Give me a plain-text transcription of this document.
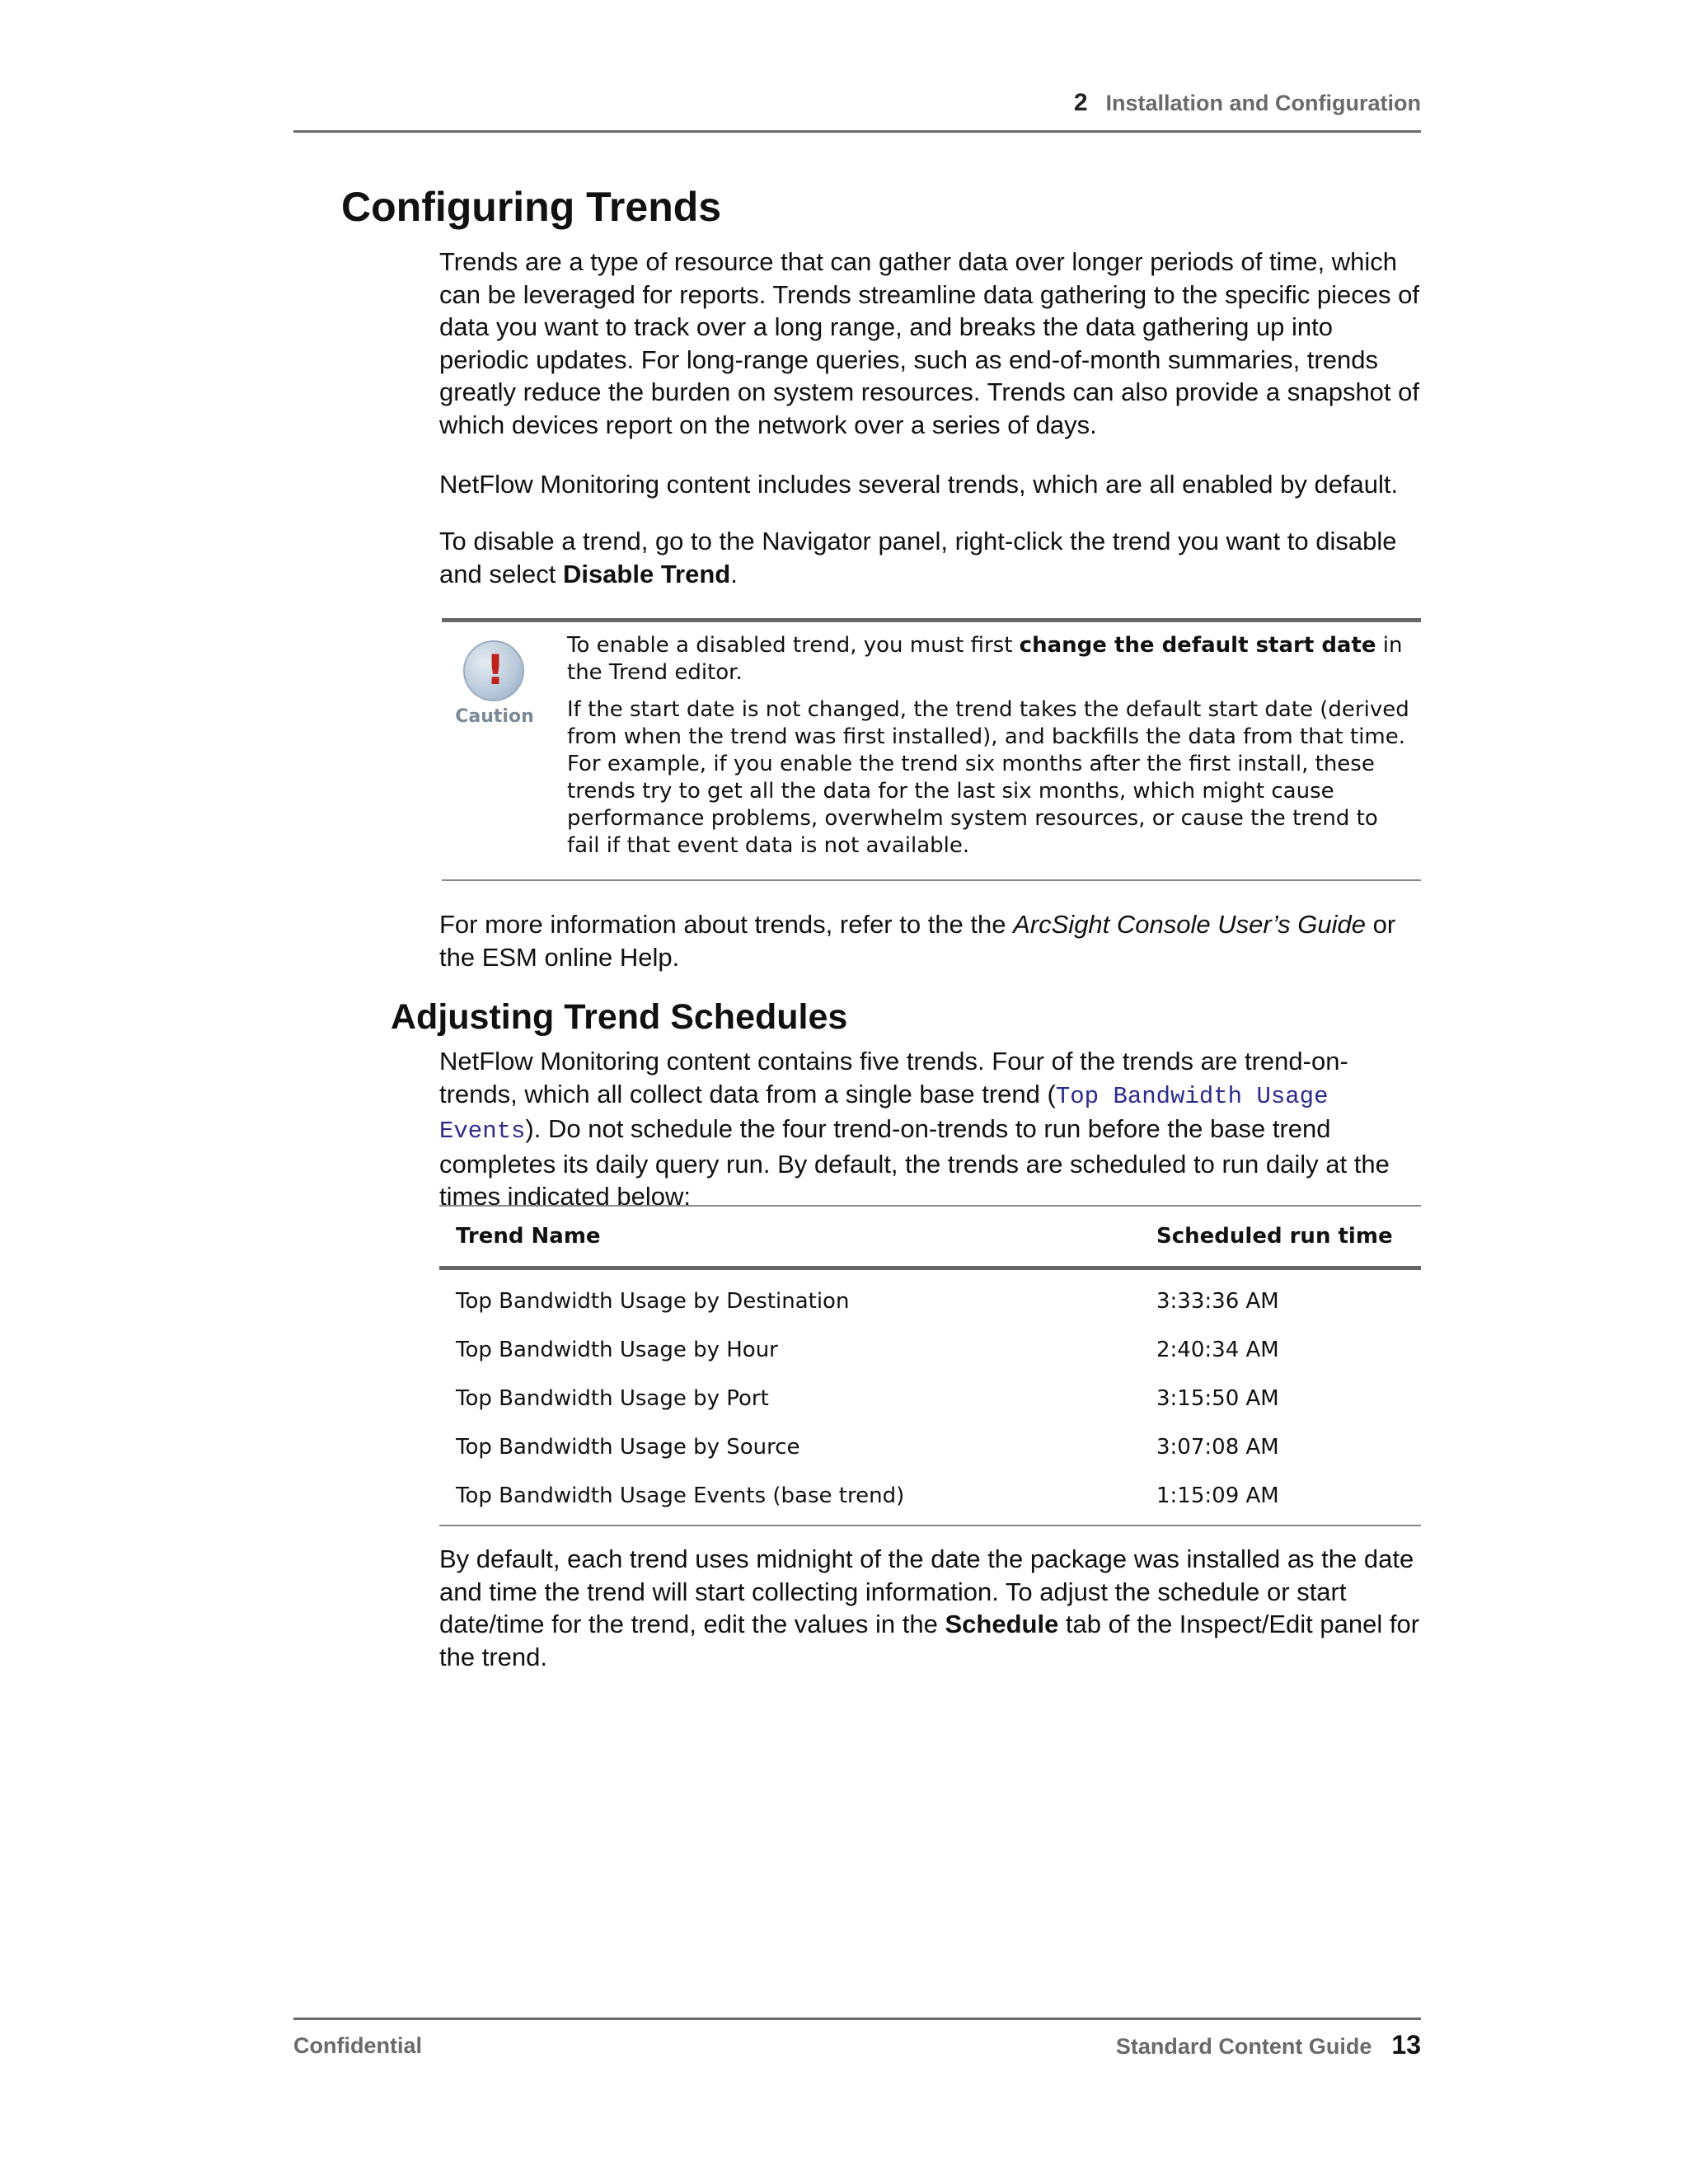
2 Installation and Configuration
Configuring Trends

Trends are a type of resource that can gather data over longer periods of time, which can be leveraged for reports. Trends streamline data gathering to the specific pieces of data you want to track over a long range, and breaks the data gathering up into periodic updates. For long-range queries, such as end-of-month summaries, trends greatly reduce the burden on system resources. Trends can also provide a snapshot of which devices report on the network over a series of days.

NetFlow Monitoring content includes several trends, which are all enabled by default.

To disable a trend, go to the Navigator panel, right-click the trend you want to disable and select Disable Trend.

!
Caution

To enable a disabled trend, you must first change the default start date in the Trend editor.

If the start date is not changed, the trend takes the default start date (derived from when the trend was first installed), and backfills the data from that time. For example, if you enable the trend six months after the first install, these trends try to get all the data for the last six months, which might cause performance problems, overwhelm system resources, or cause the trend to fail if that event data is not available.

For more information about trends, refer to the the ArcSight Console User’s Guide or the ESM online Help.

Adjusting Trend Schedules

NetFlow Monitoring content contains five trends. Four of the trends are trend-on-trends, which all collect data from a single base trend (Top Bandwidth Usage Events). Do not schedule the four trend-on-trends to run before the base trend completes its daily query run. By default, the trends are scheduled to run daily at the times indicated below:

Trend Name	Scheduled run time
Top Bandwidth Usage by Destination	3:33:36 AM
Top Bandwidth Usage by Hour	2:40:34 AM
Top Bandwidth Usage by Port	3:15:50 AM
Top Bandwidth Usage by Source	3:07:08 AM
Top Bandwidth Usage Events (base trend)	1:15:09 AM

By default, each trend uses midnight of the date the package was installed as the date and time the trend will start collecting information. To adjust the schedule or start date/time for the trend, edit the values in the Schedule tab of the Inspect/Edit panel for the trend.

Confidential	Standard Content Guide 13
